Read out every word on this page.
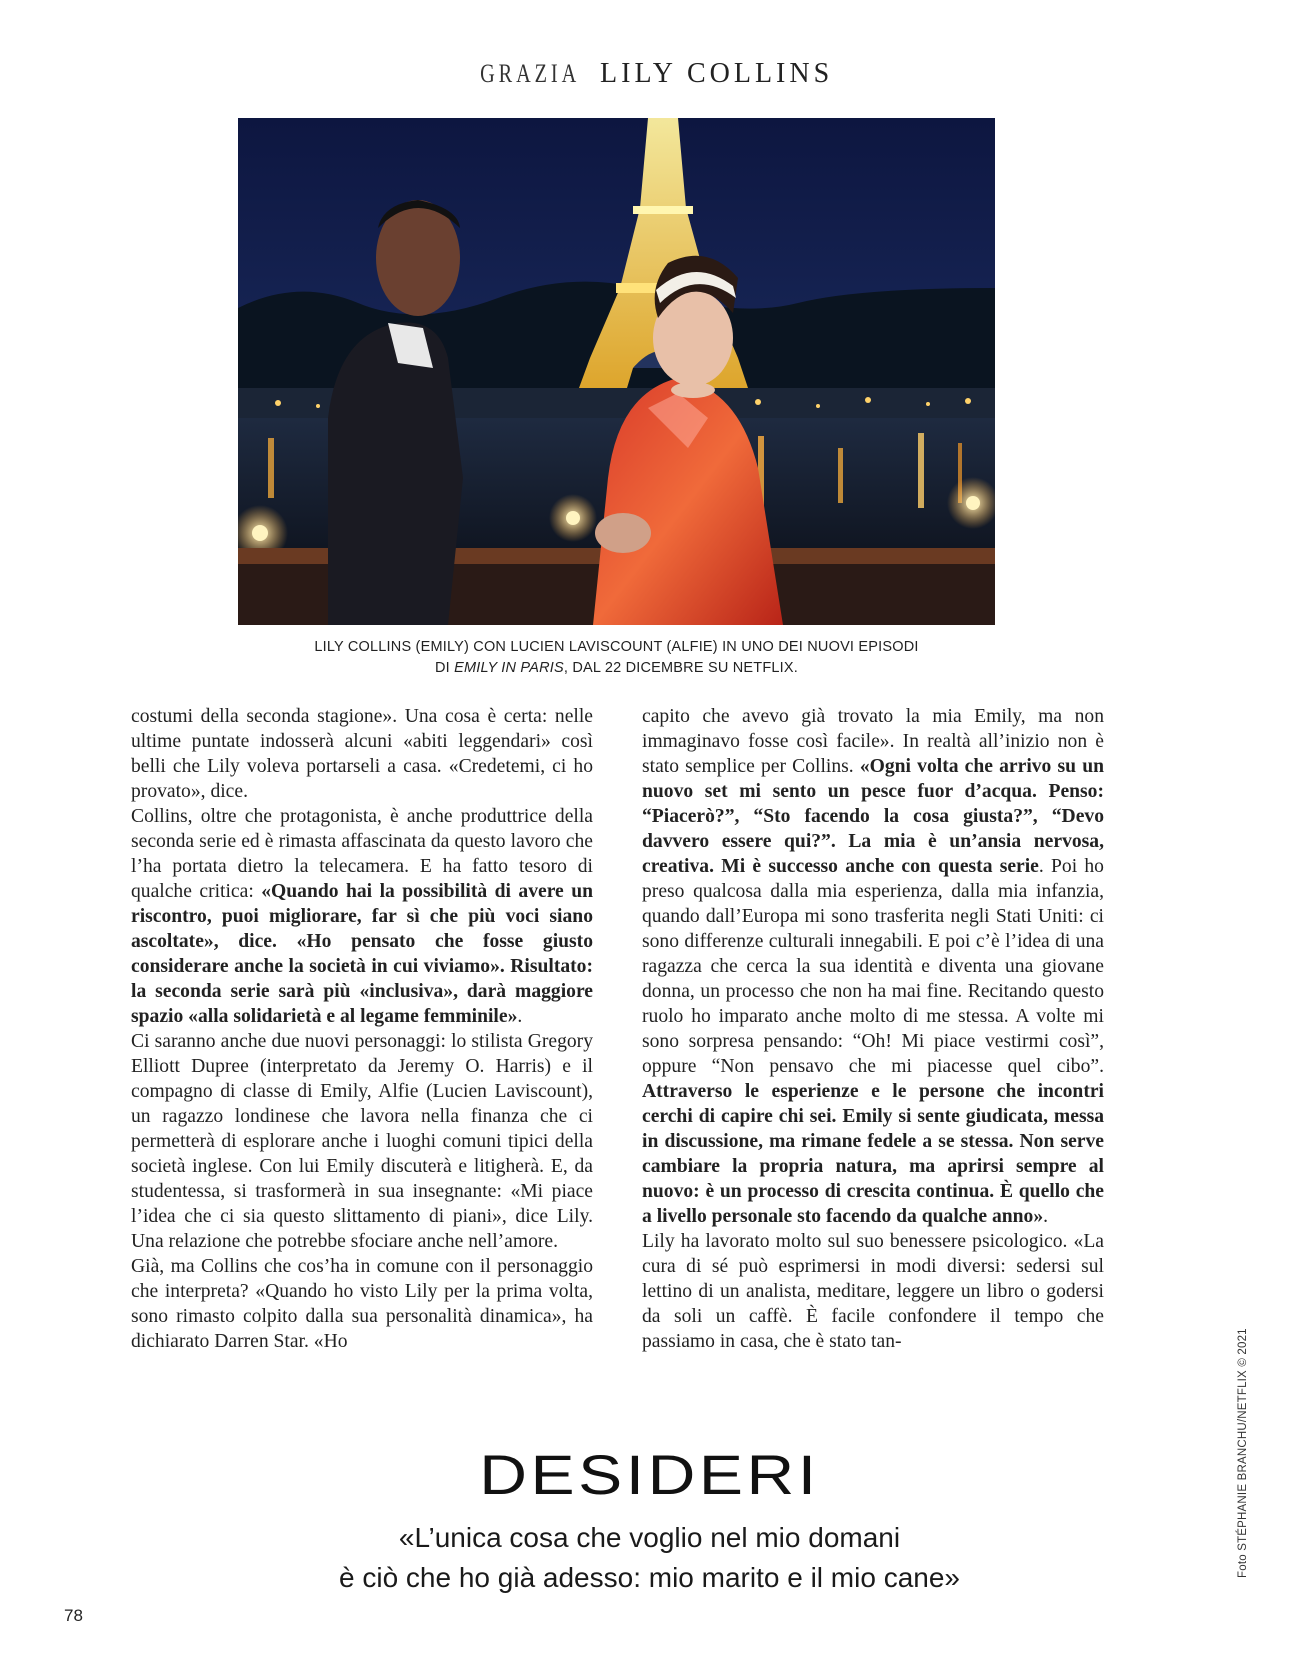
GRAZIA LILY COLLINS
LILY COLLINS (EMILY) CON LUCIEN LAVISCOUNT (ALFIE) IN UNO DEI NUOVI EPISODI
DI EMILY IN PARIS, DAL 22 DICEMBRE SU NETFLIX.

costumi della seconda stagione». Una cosa è certa: nelle ultime puntate indosserà alcuni «abiti leggendari» così belli che Lily voleva portarseli a casa. «Credetemi, ci ho provato», dice.

Collins, oltre che protagonista, è anche produttrice della seconda serie ed è rimasta affascinata da questo lavoro che l’ha portata dietro la telecamera. E ha fatto tesoro di qualche critica: «Quando hai la possibilità di avere un riscontro, puoi migliorare, far sì che più voci siano ascoltate», dice. «Ho pensato che fosse giusto considerare anche la società in cui viviamo». Risultato: la seconda serie sarà più «inclusiva», darà maggiore spazio «alla solidarietà e al legame femminile».

Ci saranno anche due nuovi personaggi: lo stilista Gregory Elliott Dupree (interpretato da Jeremy O. Harris) e il compagno di classe di Emily, Alfie (Lucien Laviscount), un ragazzo londinese che lavora nella finanza che ci permetterà di esplorare anche i luoghi comuni tipici della società inglese. Con lui Emily discuterà e litigherà. E, da studentessa, si trasformerà in sua insegnante: «Mi piace l’idea che ci sia questo slittamento di piani», dice Lily. Una relazione che potrebbe sfociare anche nell’amore.

Già, ma Collins che cos’ha in comune con il personaggio che interpreta? «Quando ho visto Lily per la prima volta, sono rimasto colpito dalla sua personalità dinamica», ha dichiarato Darren Star. «Ho

capito che avevo già trovato la mia Emily, ma non immaginavo fosse così facile». In realtà all’inizio non è stato semplice per Collins. «Ogni volta che arrivo su un nuovo set mi sento un pesce fuor d’acqua. Penso: “Piacerò?”, “Sto facendo la cosa giusta?”, “Devo davvero essere qui?”. La mia è un’ansia nervosa, creativa. Mi è successo anche con questa serie. Poi ho preso qualcosa dalla mia esperienza, dalla mia infanzia, quando dall’Europa mi sono trasferita negli Stati Uniti: ci sono differenze culturali innegabili. E poi c’è l’idea di una ragazza che cerca la sua identità e diventa una giovane donna, un processo che non ha mai fine. Recitando questo ruolo ho imparato anche molto di me stessa. A volte mi sono sorpresa pensando: “Oh! Mi piace vestirmi così”, oppure “Non pensavo che mi piacesse quel cibo”. Attraverso le esperienze e le persone che incontri cerchi di capire chi sei. Emily si sente giudicata, messa in discussione, ma rimane fedele a se stessa. Non serve cambiare la propria natura, ma aprirsi sempre al nuovo: è un processo di crescita continua. È quello che a livello personale sto facendo da qualche anno».

Lily ha lavorato molto sul suo benessere psicologico. «La cura di sé può esprimersi in modi diversi: sedersi sul lettino di un analista, meditare, leggere un libro o godersi da soli un caffè. È facile confondere il tempo che passiamo in casa, che è stato tan-

DESIDERI
«L’unica cosa che voglio nel mio domani
è ciò che ho già adesso: mio marito e il mio cane»	Foto STÉPHANIE BRANCHU/NETFLIX © 2021
78
